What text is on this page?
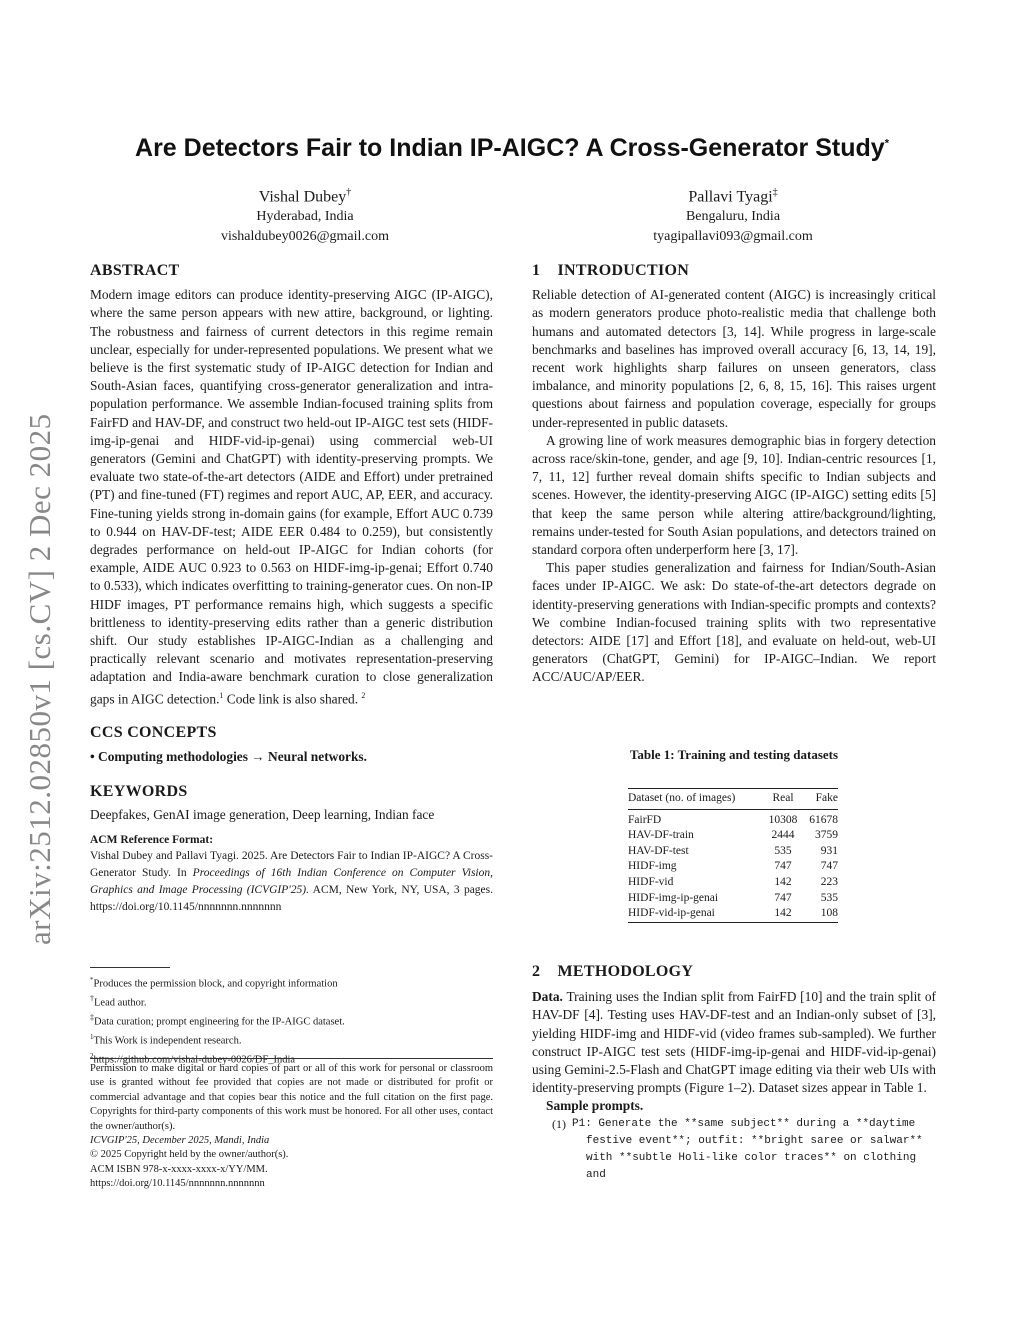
arXiv:2512.02850v1 [cs.CV] 2 Dec 2025
Are Detectors Fair to Indian IP-AIGC? A Cross-Generator Study*
Vishal Dubey†
Hyderabad, India
vishaldubey0026@gmail.com
Pallavi Tyagi‡
Bengaluru, India
tyagipallavi093@gmail.com
ABSTRACT

Modern image editors can produce identity-preserving AIGC (IP-AIGC), where the same person appears with new attire, background, or lighting. The robustness and fairness of current detectors in this regime remain unclear, especially for under-represented populations. We present what we believe is the first systematic study of IP-AIGC detection for Indian and South-Asian faces, quantifying cross-generator generalization and intra-population performance. We assemble Indian-focused training splits from FairFD and HAV-DF, and construct two held-out IP-AIGC test sets (HIDF-img-ip-genai and HIDF-vid-ip-genai) using commercial web-UI generators (Gemini and ChatGPT) with identity-preserving prompts. We evaluate two state-of-the-art detectors (AIDE and Effort) under pretrained (PT) and fine-tuned (FT) regimes and report AUC, AP, EER, and accuracy. Fine-tuning yields strong in-domain gains (for example, Effort AUC 0.739 to 0.944 on HAV-DF-test; AIDE EER 0.484 to 0.259), but consistently degrades performance on held-out IP-AIGC for Indian cohorts (for example, AIDE AUC 0.923 to 0.563 on HIDF-img-ip-genai; Effort 0.740 to 0.533), which indicates overfitting to training-generator cues. On non-IP HIDF images, PT performance remains high, which suggests a specific brittleness to identity-preserving edits rather than a generic distribution shift. Our study establishes IP-AIGC-Indian as a challenging and practically relevant scenario and motivates representation-preserving adaptation and India-aware benchmark curation to close generalization gaps in AIGC detection.$^1$ Code link is also shared. $^2$

CCS CONCEPTS

• Computing methodologies → Neural networks.

KEYWORDS

Deepfakes, GenAI image generation, Deep learning, Indian face

ACM Reference Format:

Vishal Dubey and Pallavi Tyagi. 2025. Are Detectors Fair to Indian IP-AIGC? A Cross-Generator Study. In Proceedings of 16th Indian Conference on Computer Vision, Graphics and Image Processing (ICVGIP'25). ACM, New York, NY, USA, 3 pages. https://doi.org/10.1145/nnnnnnn.nnnnnnn

*Produces the permission block, and copyright information
†Lead author.
‡Data curation; prompt engineering for the IP-AIGC dataset.
$^1$This Work is independent research.
$^2$https://github.com/vishal-dubey-0026/DF_India

Permission to make digital or hard copies of part or all of this work for personal or classroom use is granted without fee provided that copies are not made or distributed for profit or commercial advantage and that copies bear this notice and the full citation on the first page. Copyrights for third-party components of this work must be honored. For all other uses, contact the owner/author(s).

ICVGIP'25, December 2025, Mandi, India

© 2025 Copyright held by the owner/author(s).

ACM ISBN 978-x-xxxx-xxxx-x/YY/MM.

https://doi.org/10.1145/nnnnnnn.nnnnnnn

1    INTRODUCTION

Reliable detection of AI-generated content (AIGC) is increasingly critical as modern generators produce photo-realistic media that challenge both humans and automated detectors [3, 14]. While progress in large-scale benchmarks and baselines has improved overall accuracy [6, 13, 14, 19], recent work highlights sharp failures on unseen generators, class imbalance, and minority populations [2, 6, 8, 15, 16]. This raises urgent questions about fairness and population coverage, especially for groups under-represented in public datasets.

A growing line of work measures demographic bias in forgery detection across race/skin-tone, gender, and age [9, 10]. Indian-centric resources [1, 7, 11, 12] further reveal domain shifts specific to Indian subjects and scenes. However, the identity-preserving AIGC (IP-AIGC) setting edits [5] that keep the same person while altering attire/background/lighting, remains under-tested for South Asian populations, and detectors trained on standard corpora often underperform here [3, 17].

This paper studies generalization and fairness for Indian/South-Asian faces under IP-AIGC. We ask: Do state-of-the-art detectors degrade on identity-preserving generations with Indian-specific prompts and contexts? We combine Indian-focused training splits with two representative detectors: AIDE [17] and Effort [18], and evaluate on held-out, web-UI generators (ChatGPT, Gemini) for IP-AIGC–Indian. We report ACC/AUC/AP/EER.

Table 1: Training and testing datasets
Dataset (no. of images)	Real	Fake
FairFD	10308	61678
HAV-DF-train	2444	3759
HAV-DF-test	535	931
HIDF-img	747	747
HIDF-vid	142	223
HIDF-img-ip-genai	747	535
HIDF-vid-ip-genai	142	108
2    METHODOLOGY

Data. Training uses the Indian split from FairFD [10] and the train split of HAV-DF [4]. Testing uses HAV-DF-test and an Indian-only subset of [3], yielding HIDF-img and HIDF-vid (video frames sub-sampled). We further construct IP-AIGC test sets (HIDF-img-ip-genai and HIDF-vid-ip-genai) using Gemini-2.5-Flash and ChatGPT image editing via their web UIs with identity-preserving prompts (Figure 1–2). Dataset sizes appear in Table 1.

Sample prompts.

(1) P1: Generate the **same subject** during a **daytime
festive event**; outfit: **bright saree or salwar**
with **subtle Holi-like color traces** on clothing and
